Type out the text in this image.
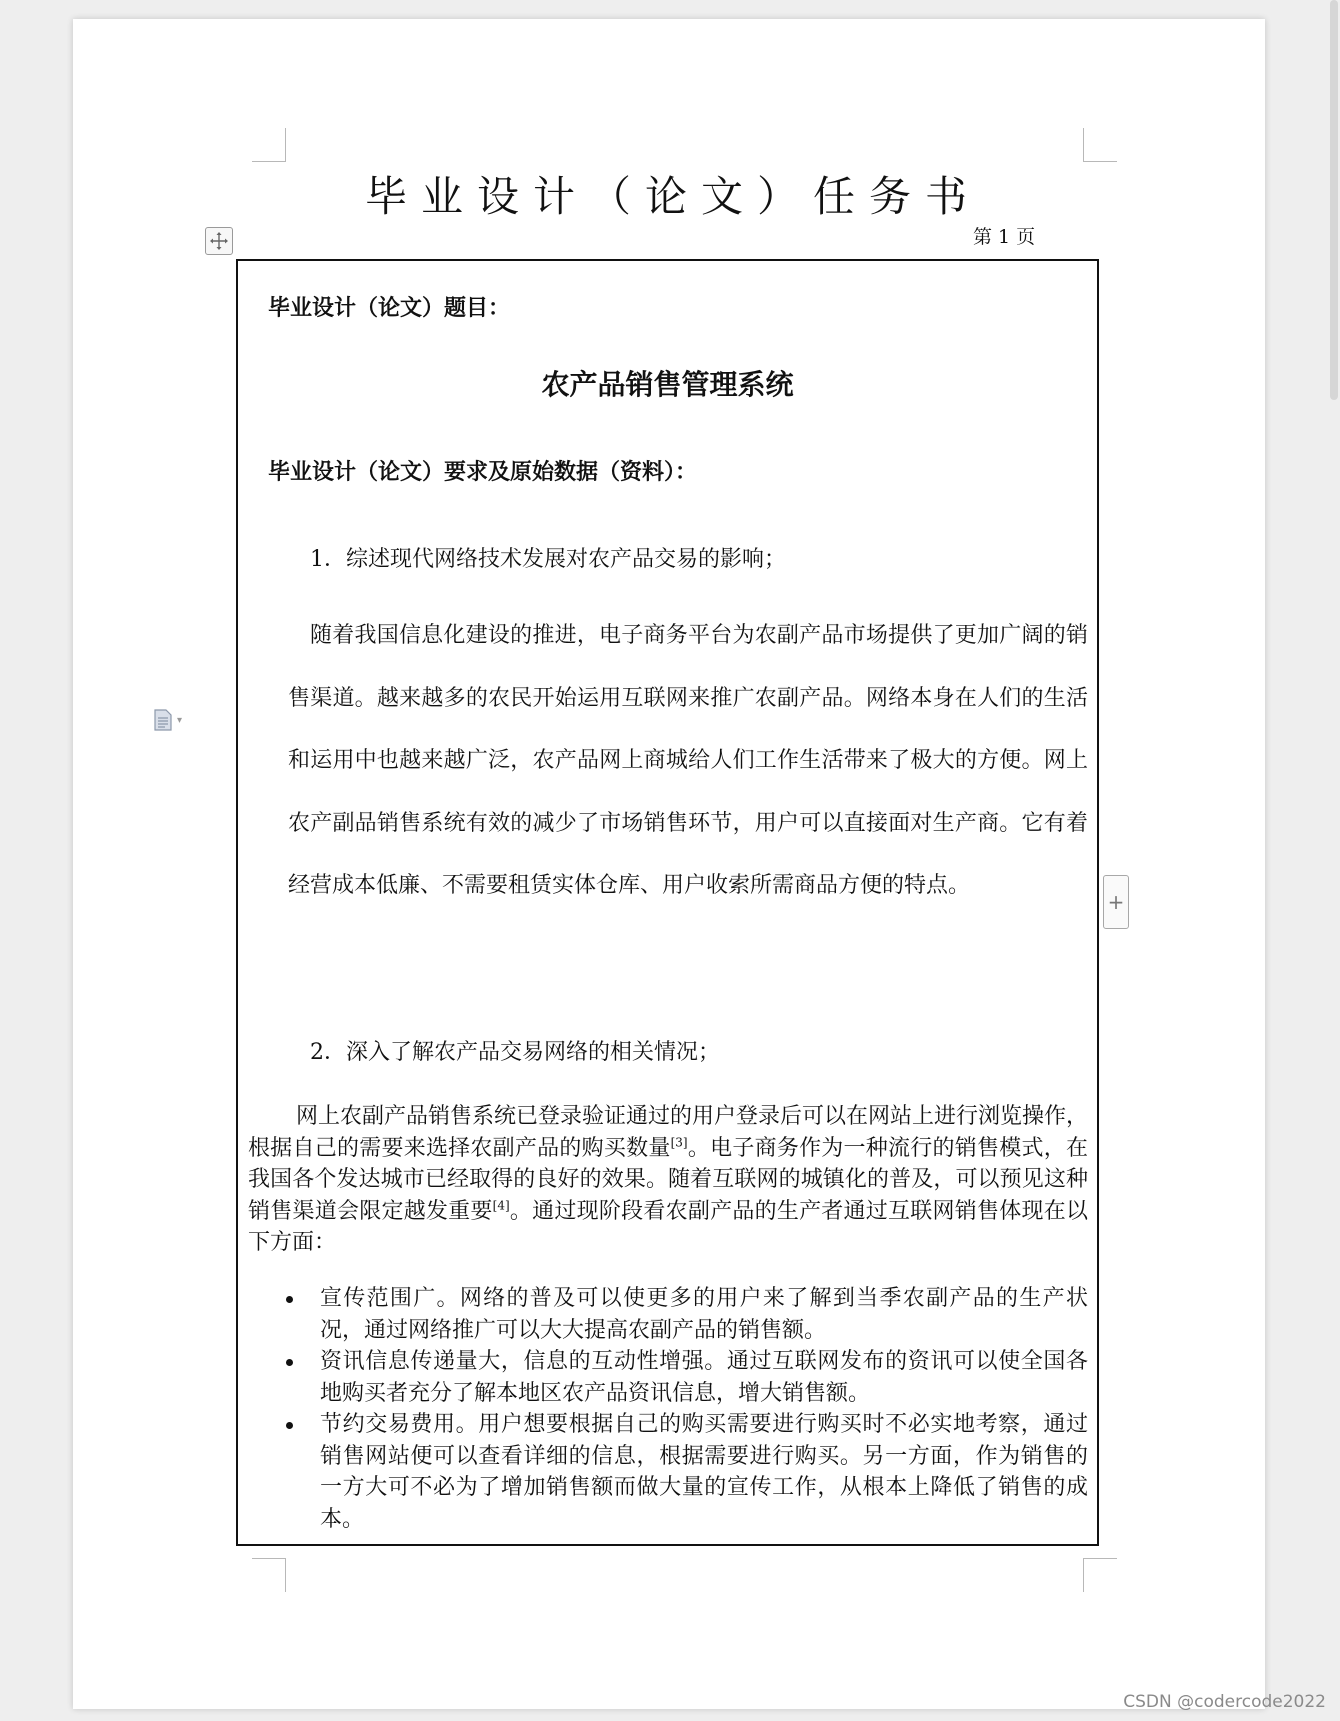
毕业设计（论文）任务书
第 1 页
▾
+
毕业设计（论文）题目：
农产品销售管理系统
毕业设计（论文）要求及原始数据（资料）：
1．综述现代网络技术发展对农产品交易的影响；

随着我国信息化建设的推进，电子商务平台为农副产品市场提供了更加广阔的销售渠道。越来越多的农民开始运用互联网来推广农副产品。网络本身在人们的生活和运用中也越来越广泛，农产品网上商城给人们工作生活带来了极大的方便。网上农产副品销售系统有效的减少了市场销售环节，用户可以直接面对生产商。它有着经营成本低廉、不需要租赁实体仓库、用户收索所需商品方便的特点。

2．深入了解农产品交易网络的相关情况；

网上农副产品销售系统已登录验证通过的用户登录后可以在网站上进行浏览操作，根据自己的需要来选择农副产品的购买数量[3]。电子商务作为一种流行的销售模式，在我国各个发达城市已经取得的良好的效果。随着互联网的城镇化的普及，可以预见这种销售渠道会限定越发重要[4]。通过现阶段看农副产品的生产者通过互联网销售体现在以下方面：

宣传范围广。网络的普及可以使更多的用户来了解到当季农副产品的生产状况，通过网络推广可以大大提高农副产品的销售额。
资讯信息传递量大，信息的互动性增强。通过互联网发布的资讯可以使全国各地购买者充分了解本地区农产品资讯信息，增大销售额。
节约交易费用。用户想要根据自己的购买需要进行购买时不必实地考察，通过销售网站便可以查看详细的信息，根据需要进行购买。另一方面，作为销售的一方大可不必为了增加销售额而做大量的宣传工作，从根本上降低了销售的成本。
CSDN @codercode2022
